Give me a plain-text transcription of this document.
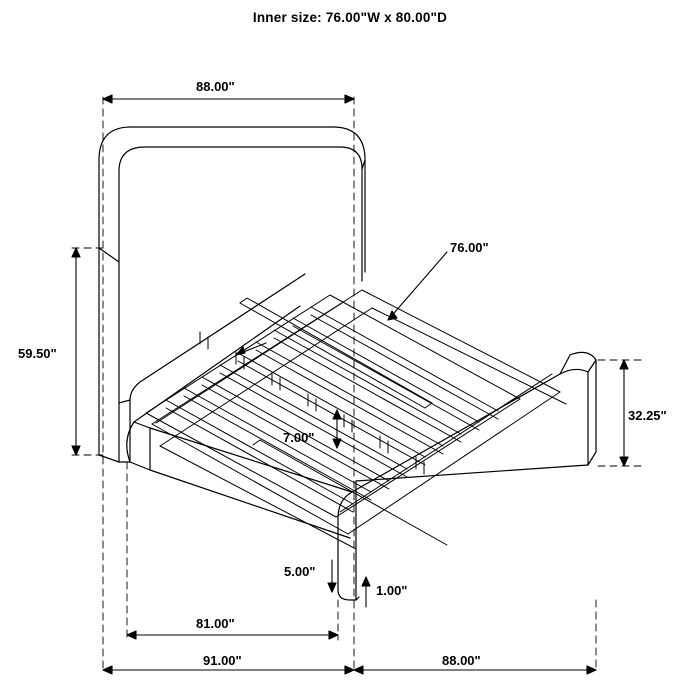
Inner size: 76.00"W x 80.00"D
88.00"
59.50"
76.00"
32.25"
7.00"
5.00"
1.00"
81.00"
91.00"	88.00"
